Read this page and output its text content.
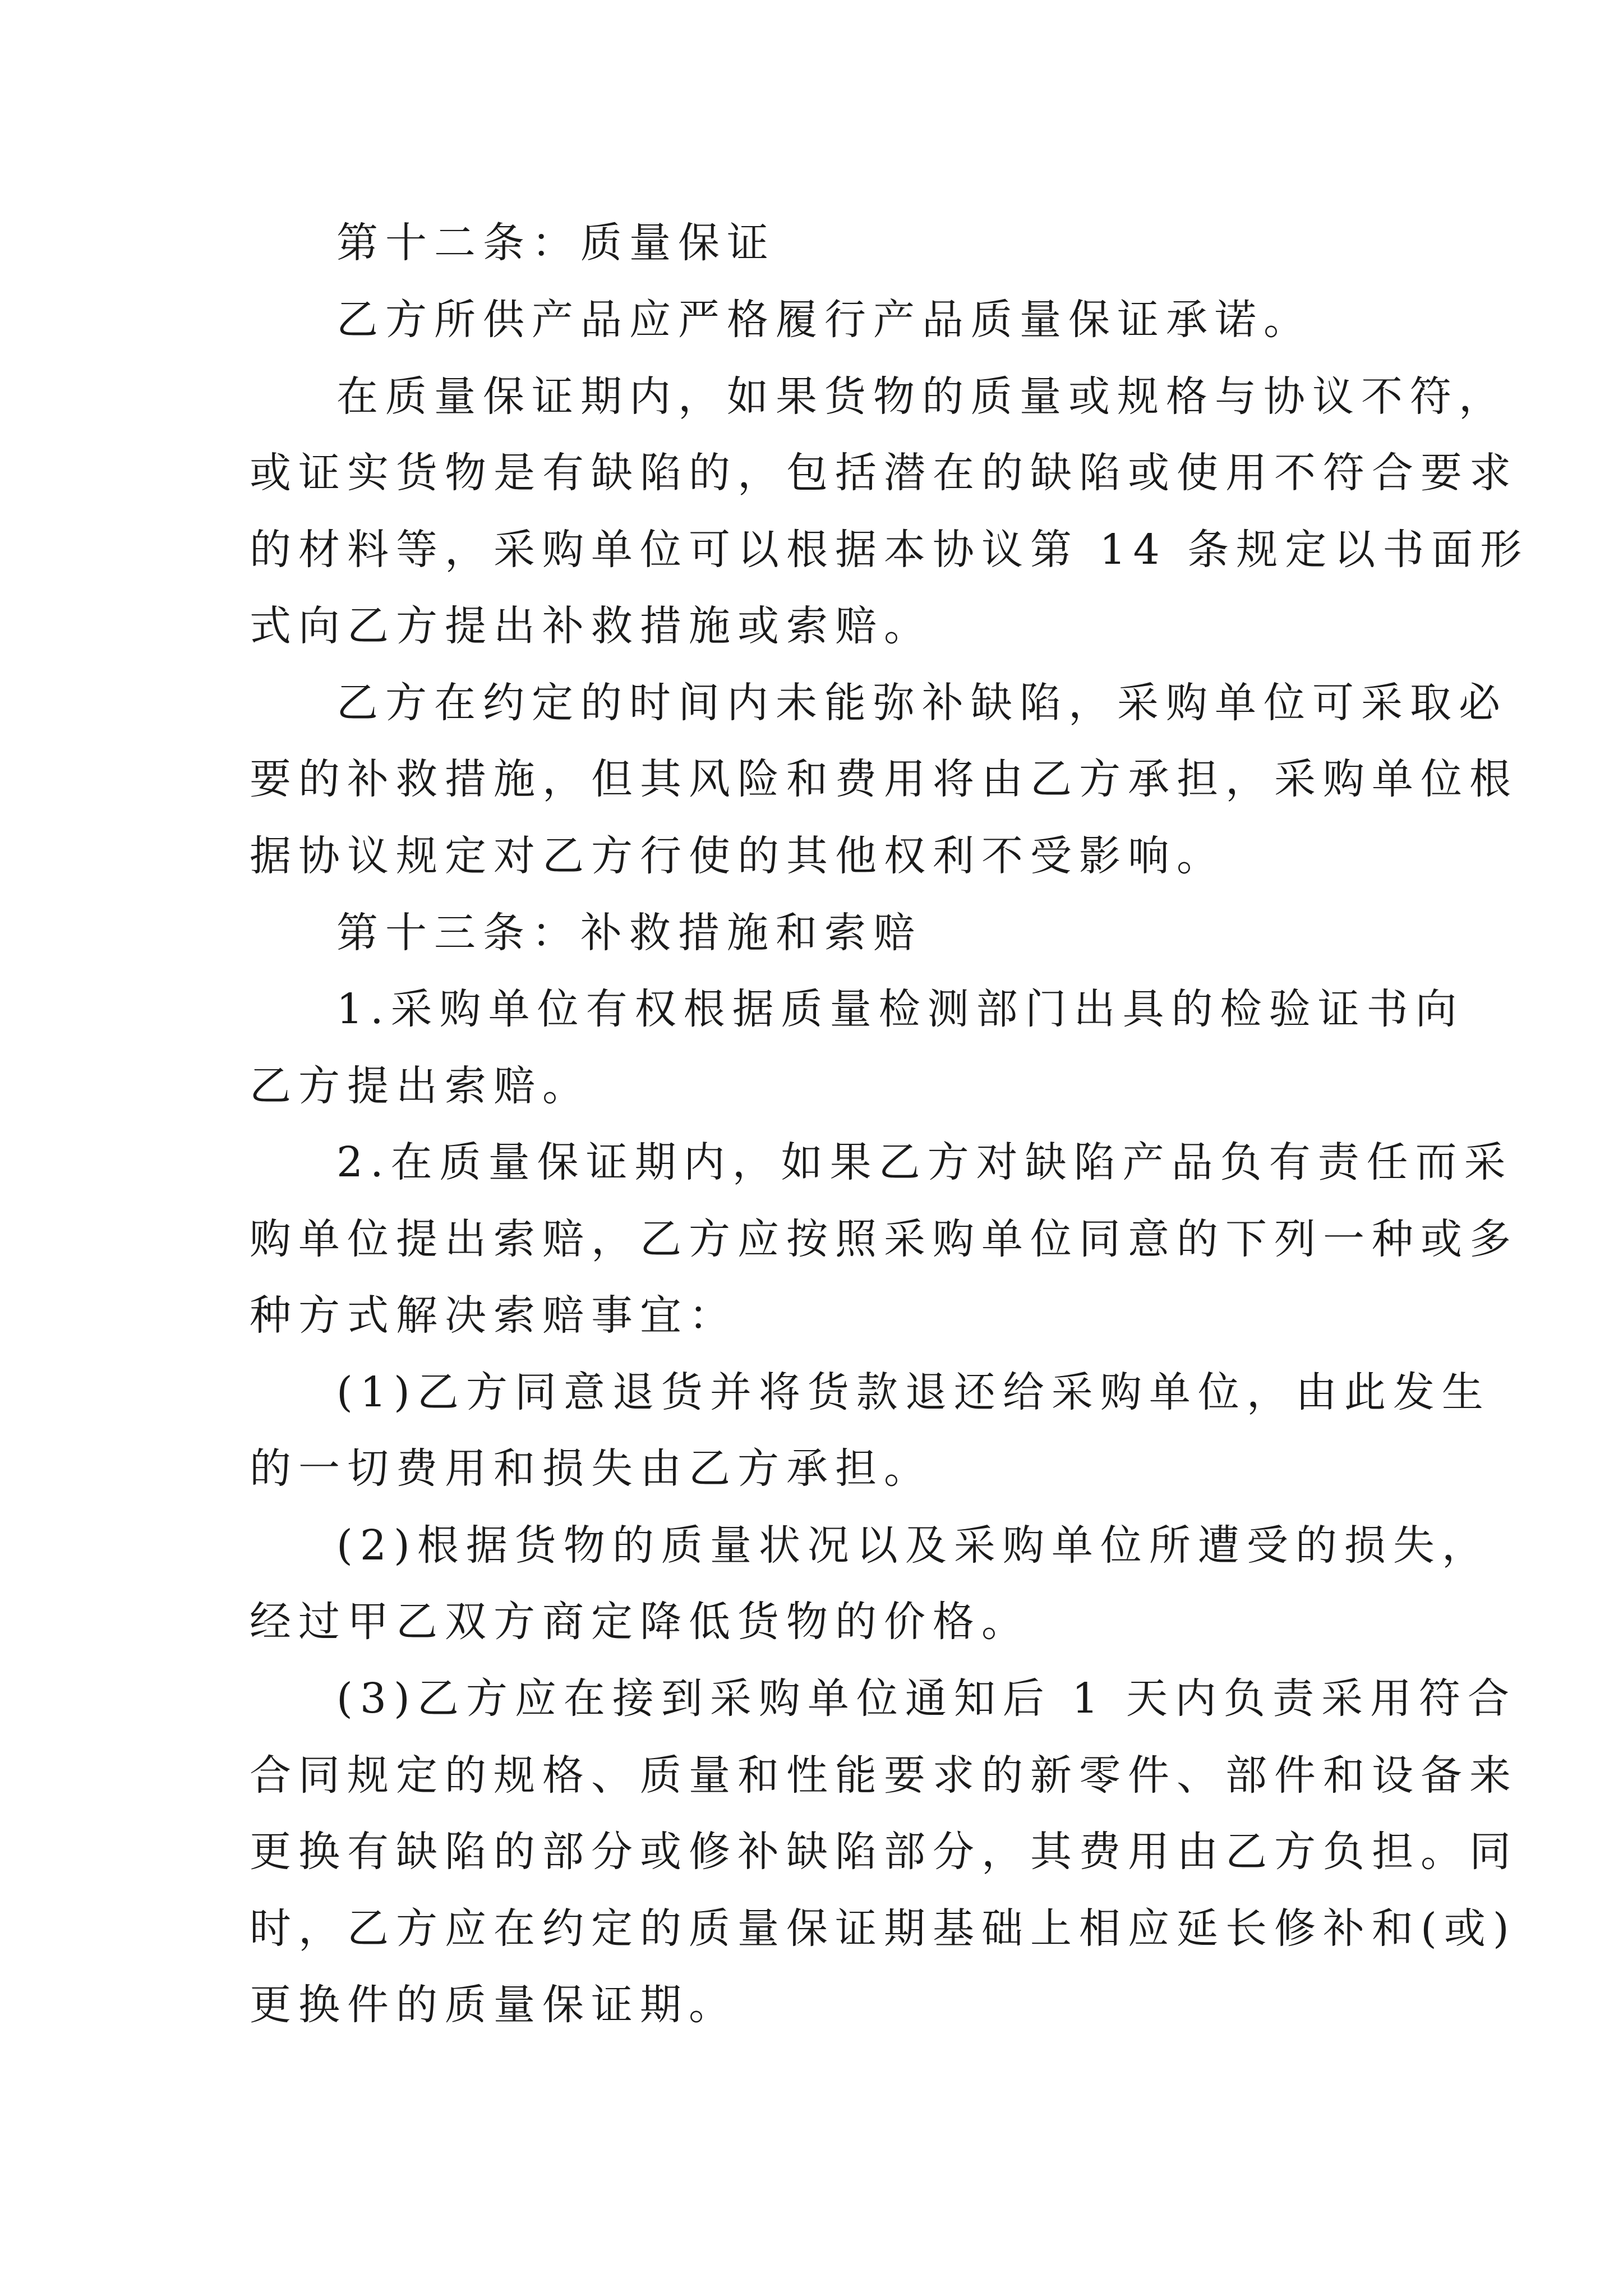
第十二条：质量保证
乙方所供产品应严格履行产品质量保证承诺。
在质量保证期内，如果货物的质量或规格与协议不符，
或证实货物是有缺陷的，包括潜在的缺陷或使用不符合要求
的材料等，采购单位可以根据本协议第 14 条规定以书面形
式向乙方提出补救措施或索赔。
乙方在约定的时间内未能弥补缺陷，采购单位可采取必
要的补救措施，但其风险和费用将由乙方承担，采购单位根
据协议规定对乙方行使的其他权利不受影响。
第十三条：补救措施和索赔
1.采购单位有权根据质量检测部门出具的检验证书向
乙方提出索赔。
2.在质量保证期内，如果乙方对缺陷产品负有责任而采
购单位提出索赔，乙方应按照采购单位同意的下列一种或多
种方式解决索赔事宜：
(1)乙方同意退货并将货款退还给采购单位，由此发生
的一切费用和损失由乙方承担。
(2)根据货物的质量状况以及采购单位所遭受的损失，
经过甲乙双方商定降低货物的价格。
(3)乙方应在接到采购单位通知后 1 天内负责采用符合
合同规定的规格、质量和性能要求的新零件、部件和设备来
更换有缺陷的部分或修补缺陷部分，其费用由乙方负担。同
时，乙方应在约定的质量保证期基础上相应延长修补和(或)
更换件的质量保证期。
